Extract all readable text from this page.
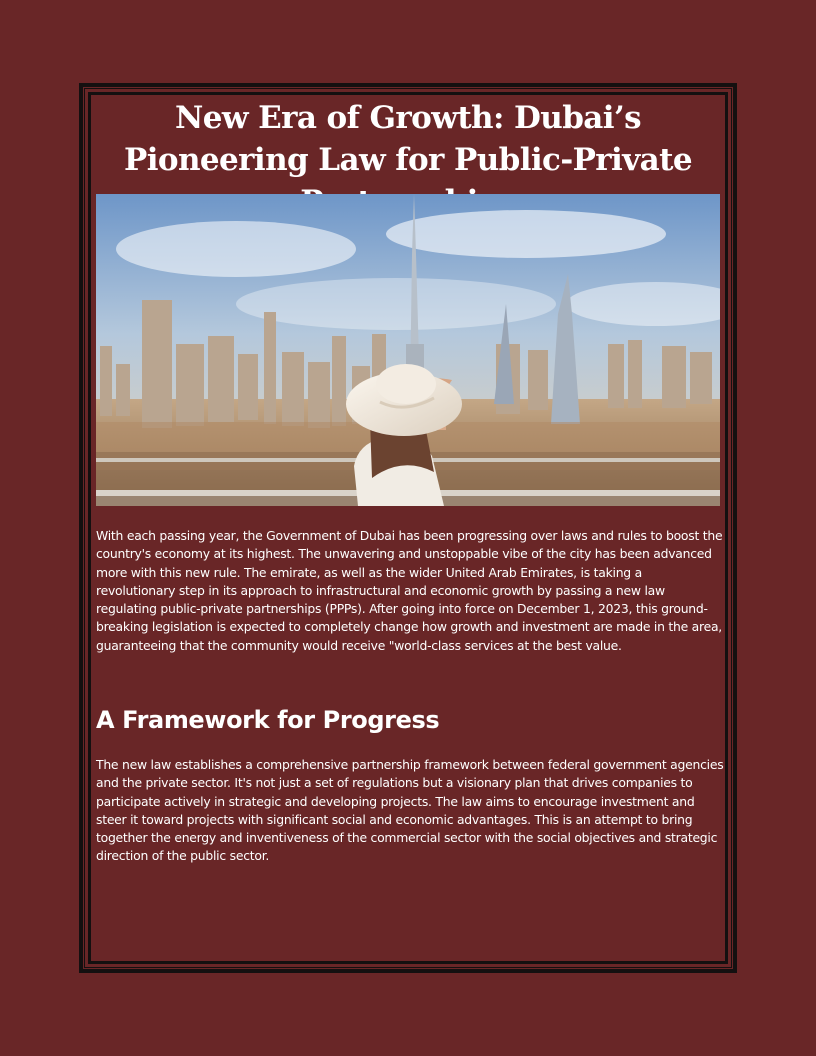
New Era of Growth: Dubai’s Pioneering Law for Public-Private

With each passing year, the Government of Dubai has been progressing over laws and rules to boost the country's economy at its highest. The unwavering and unstoppable vibe of the city has been advanced more with this new rule. The emirate, as well as the wider United Arab Emirates, is taking a revolutionary step in its approach to infrastructural and economic growth by passing a new law regulating public-private partnerships (PPPs). After going into force on December 1, 2023, this ground-breaking legislation is expected to completely change how growth and investment are made in the area, guaranteeing that the community would receive "world-class services at the best value.

A Framework for Progress

The new law establishes a comprehensive partnership framework between federal government agencies and the private sector. It's not just a set of regulations but a visionary plan that drives companies to participate actively in strategic and developing projects. The law aims to encourage investment and steer it toward projects with significant social and economic advantages. This is an attempt to bring together the energy and inventiveness of the commercial sector with the social objectives and strategic direction of the public sector.
